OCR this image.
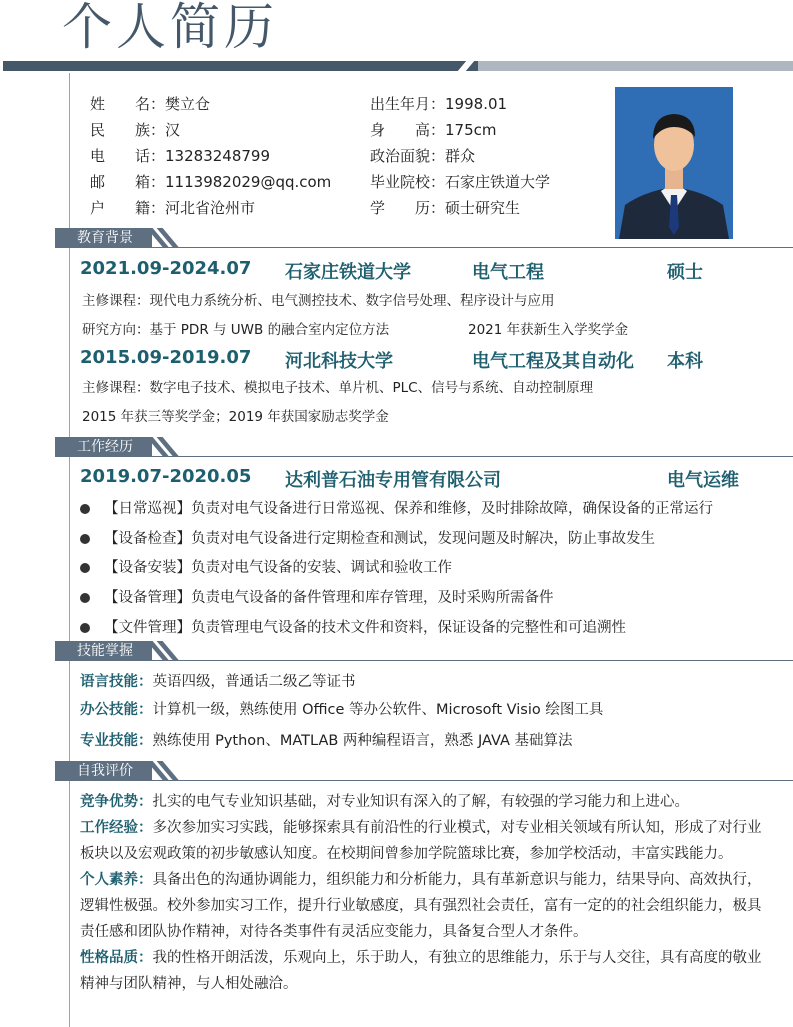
个人简历
姓　　名：樊立仓
民　　族：汉
电　　话：13283248799
邮　　箱：1113982029@qq.com
户　　籍：河北省沧州市
出生年月：1998.01
身　　高：175cm
政治面貌：群众
毕业院校：石家庄铁道大学
学　　历：硕士研究生
教育背景
2021.09-2024.07 石家庄铁道大学	电气工程	硕士
主修课程：现代电力系统分析、电气测控技术、数字信号处理、程序设计与应用
研究方向：基于 PDR 与 UWB 的融合室内定位方法	2021 年获新生入学奖学金
2015.09-2019.07 河北科技大学	电气工程及其自动化 本科
主修课程：数字电子技术、模拟电子技术、单片机、PLC、信号与系统、自动控制原理
2015 年获三等奖学金；2019 年获国家励志奖学金
工作经历
2019.07-2020.05 达利普石油专用管有限公司	电气运维
【日常巡视】负责对电气设备进行日常巡视、保养和维修，及时排除故障，确保设备的正常运行
【设备检查】负责对电气设备进行定期检查和测试，发现问题及时解决，防止事故发生
【设备安装】负责对电气设备的安装、调试和验收工作
【设备管理】负责电气设备的备件管理和库存管理，及时采购所需备件
【文件管理】负责管理电气设备的技术文件和资料，保证设备的完整性和可追溯性
技能掌握
语言技能：英语四级，普通话二级乙等证书
办公技能：计算机一级，熟练使用 Office 等办公软件、Microsoft Visio 绘图工具
专业技能：熟练使用 Python、MATLAB 两种编程语言，熟悉 JAVA 基础算法
自我评价
竞争优势：扎实的电气专业知识基础，对专业知识有深入的了解，有较强的学习能力和上进心。
工作经验：多次参加实习实践，能够探索具有前沿性的行业模式，对专业相关领域有所认知，形成了对行业板块以及宏观政策的初步敏感认知度。在校期间曾参加学院篮球比赛，参加学校活动，丰富实践能力。
个人素养：具备出色的沟通协调能力，组织能力和分析能力，具有革新意识与能力，结果导向、高效执行，逻辑性极强。校外参加实习工作，提升行业敏感度，具有强烈社会责任，富有一定的的社会组织能力，极具责任感和团队协作精神，对待各类事件有灵活应变能力，具备复合型人才条件。
性格品质：我的性格开朗活泼，乐观向上，乐于助人，有独立的思维能力，乐于与人交往，具有高度的敬业精神与团队精神，与人相处融洽。
